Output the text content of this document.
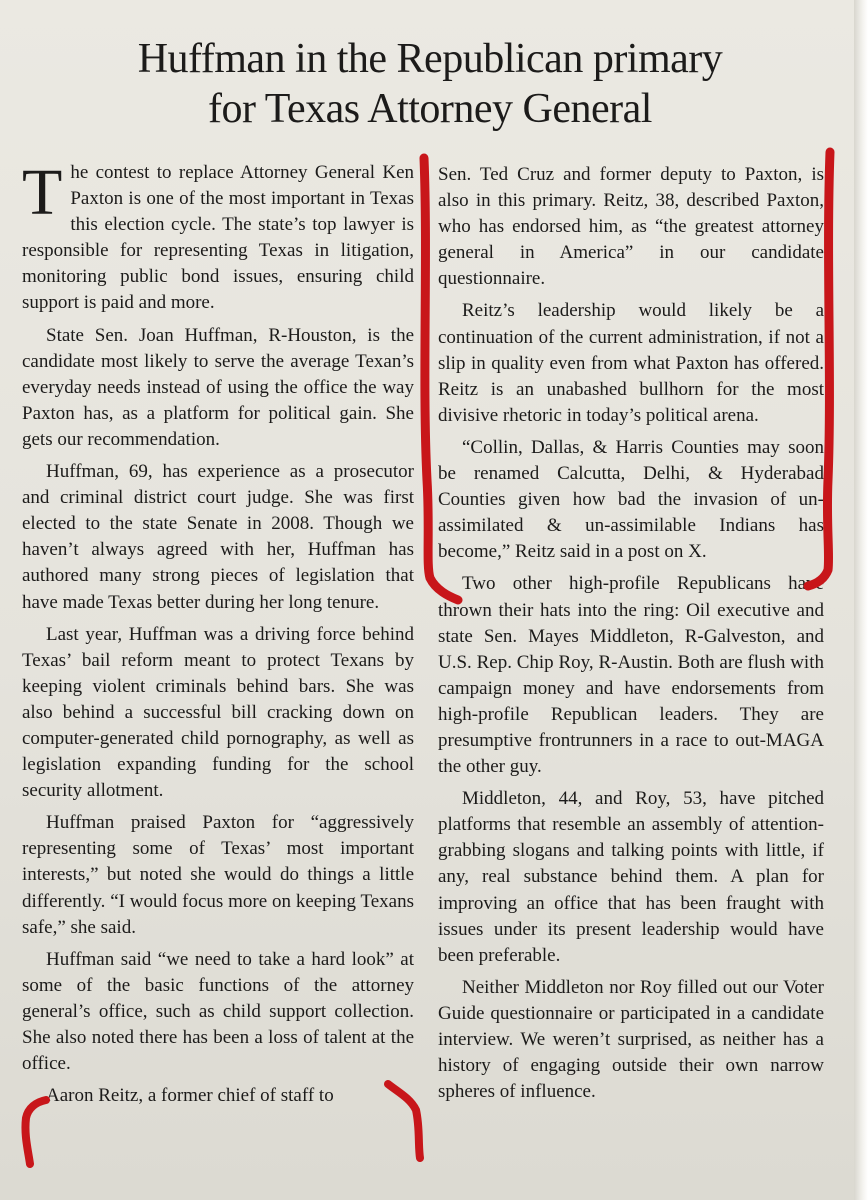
Huffman in the Republican primary
for Texas Attorney General

The contest to replace Attorney General Ken Paxton is one of the most important in Texas this election cycle. The state’s top lawyer is responsible for representing Texas in litigation, monitoring public bond issues, ensuring child support is paid and more.

State Sen. Joan Huffman, R-Houston, is the candidate most likely to serve the average Texan’s everyday needs instead of using the office the way Paxton has, as a platform for political gain. She gets our recommendation.

Huffman, 69, has experience as a prosecutor and criminal district court judge. She was first elected to the state Senate in 2008. Though we haven’t always agreed with her, Huffman has authored many strong pieces of legislation that have made Texas better during her long tenure.

Last year, Huffman was a driving force behind Texas’ bail reform meant to protect Texans by keeping violent criminals behind bars. She was also behind a successful bill cracking down on computer-generated child pornography, as well as legislation expanding funding for the school security allotment.

Huffman praised Paxton for “aggressively representing some of Texas’ most important interests,” but noted she would do things a little differently. “I would focus more on keeping Texans safe,” she said.

Huffman said “we need to take a hard look” at some of the basic functions of the attorney general’s office, such as child support collection. She also noted there has been a loss of talent at the office.

Aaron Reitz, a former chief of staff to

Sen. Ted Cruz and former deputy to Paxton, is also in this primary. Reitz, 38, described Paxton, who has endorsed him, as “the greatest attorney general in America” in our candidate questionnaire.

Reitz’s leadership would likely be a continuation of the current administration, if not a slip in quality even from what Paxton has offered. Reitz is an unabashed bullhorn for the most divisive rhetoric in today’s political arena.

“Collin, Dallas, & Harris Counties may soon be renamed Calcutta, Delhi, & Hyderabad Counties given how bad the invasion of un-assimilated & un-assimilable Indians has become,” Reitz said in a post on X.

Two other high-profile Republicans have thrown their hats into the ring: Oil executive and state Sen. Mayes Middleton, R-Galveston, and U.S. Rep. Chip Roy, R-Austin. Both are flush with campaign money and have endorsements from high-profile Republican leaders. They are presumptive frontrunners in a race to out-MAGA the other guy.

Middleton, 44, and Roy, 53, have pitched platforms that resemble an assembly of attention-grabbing slogans and talking points with little, if any, real substance behind them. A plan for improving an office that has been fraught with issues under its present leadership would have been preferable.

Neither Middleton nor Roy filled out our Voter Guide questionnaire or participated in a candidate interview. We weren’t surprised, as neither has a history of engaging outside their own narrow spheres of influence.
